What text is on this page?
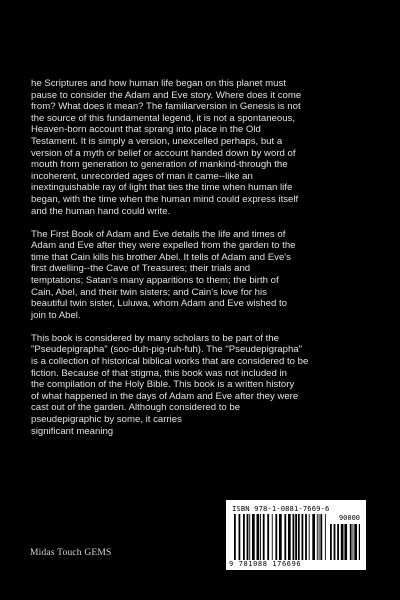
he Scriptures and how human life began on this planet must
pause to consider the Adam and Eve story. Where does it come
from? What does it mean? The familiarversion in Genesis is not
the source of this fundamental legend, it is not a spontaneous,
Heaven-born account that sprang into place in the Old
Testament. It is simply a version, unexcelled perhaps, but a
version of a myth or belief or account handed down by word of
mouth from generation to generation of mankind-through the
incoherent, unrecorded ages of man it came--like an
inextinguishable ray of light that ties the time when human life
began, with the time when the human mind could express itself
and the human hand could write.

The First Book of Adam and Eve details the life and times of
Adam and Eve after they were expelled from the garden to the
time that Cain kills his brother Abel. It tells of Adam and Eve's
first dwelling--the Cave of Treasures; their trials and
temptations; Satan's many apparitions to them; the birth of
Cain, Abel, and their twin sisters; and Cain's love for his
beautiful twin sister, Luluwa, whom Adam and Eve wished to
join to Abel.

This book is considered by many scholars to be part of the
"Pseudepigrapha" (soo-duh-pig-ruh-fuh). The "Pseudepigrapha"
is a collection of historical biblical works that are considered to be
fiction. Because of that stigma, this book was not included in
the compilation of the Holy Bible. This book is a written history
of what happened in the days of Adam and Eve after they were
cast out of the garden. Although considered to be
pseudepigraphic by some, it carries
significant meaning

Midas Touch GEMS
ISBN 978-1-0881-7669-6
90000
9 781088 176696
